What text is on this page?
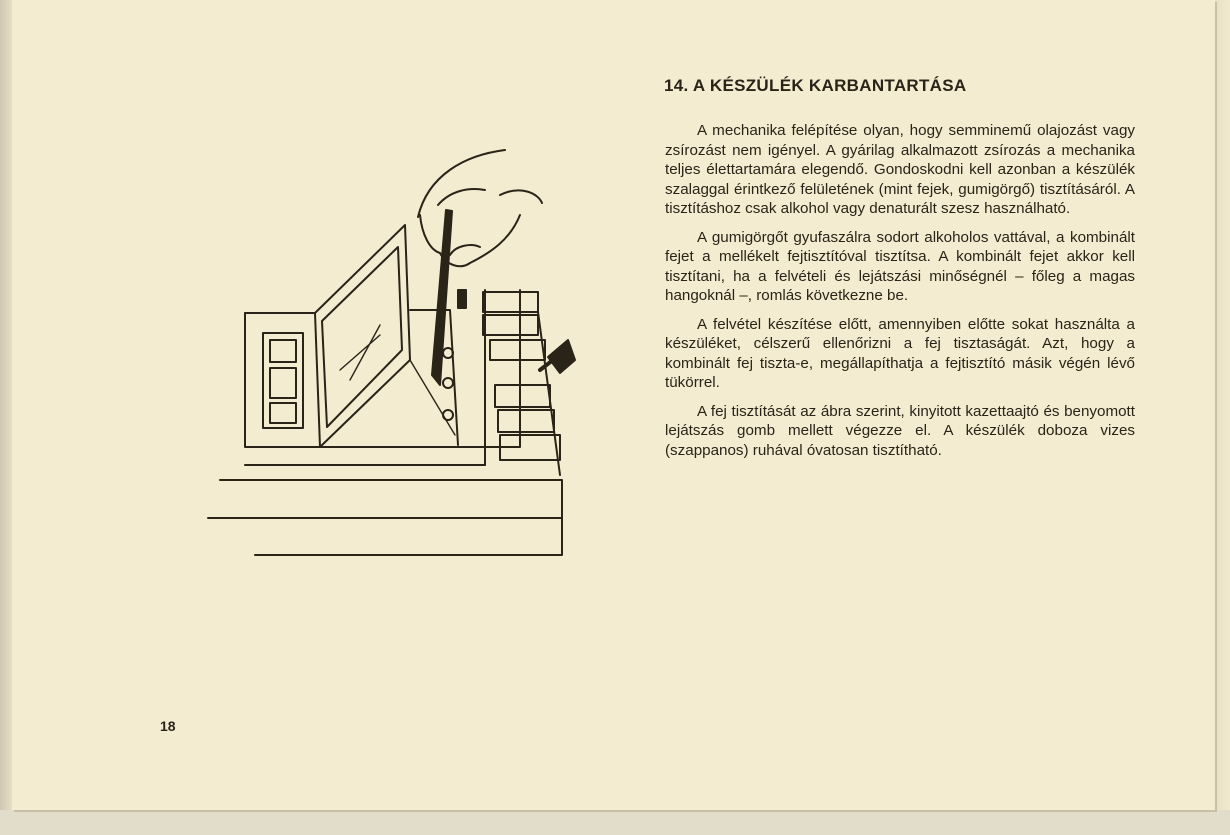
14. A KÉSZÜLÉK KARBANTARTÁSA

A mechanika felépítése olyan, hogy semminemű olajozást vagy zsírozást nem igényel. A gyárilag alkalmazott zsírozás a mechanika teljes élettartamára elegendő. Gondoskodni kell azonban a készülék szalaggal érintkező felületének (mint fejek, gumigörgő) tisztításáról. A tisztításhoz csak alkohol vagy denaturált szesz használható.

A gumigörgőt gyufaszálra sodort alkoholos vattával, a kombinált fejet a mellékelt fejtisztítóval tisztítsa. A kombinált fejet akkor kell tisztítani, ha a felvételi és lejátszási minőségnél – főleg a magas hangoknál –, romlás következne be.

A felvétel készítése előtt, amennyiben előtte sokat használta a készüléket, célszerű ellenőrizni a fej tisztaságát. Azt, hogy a kombinált fej tiszta-e, megállapíthatja a fejtisztító másik végén lévő tükörrel.

A fej tisztítását az ábra szerint, kinyitott kazettaajtó és benyomott lejátszás gomb mellett végezze el. A készülék doboza vizes (szappanos) ruhával óvatosan tisztítható.

18
